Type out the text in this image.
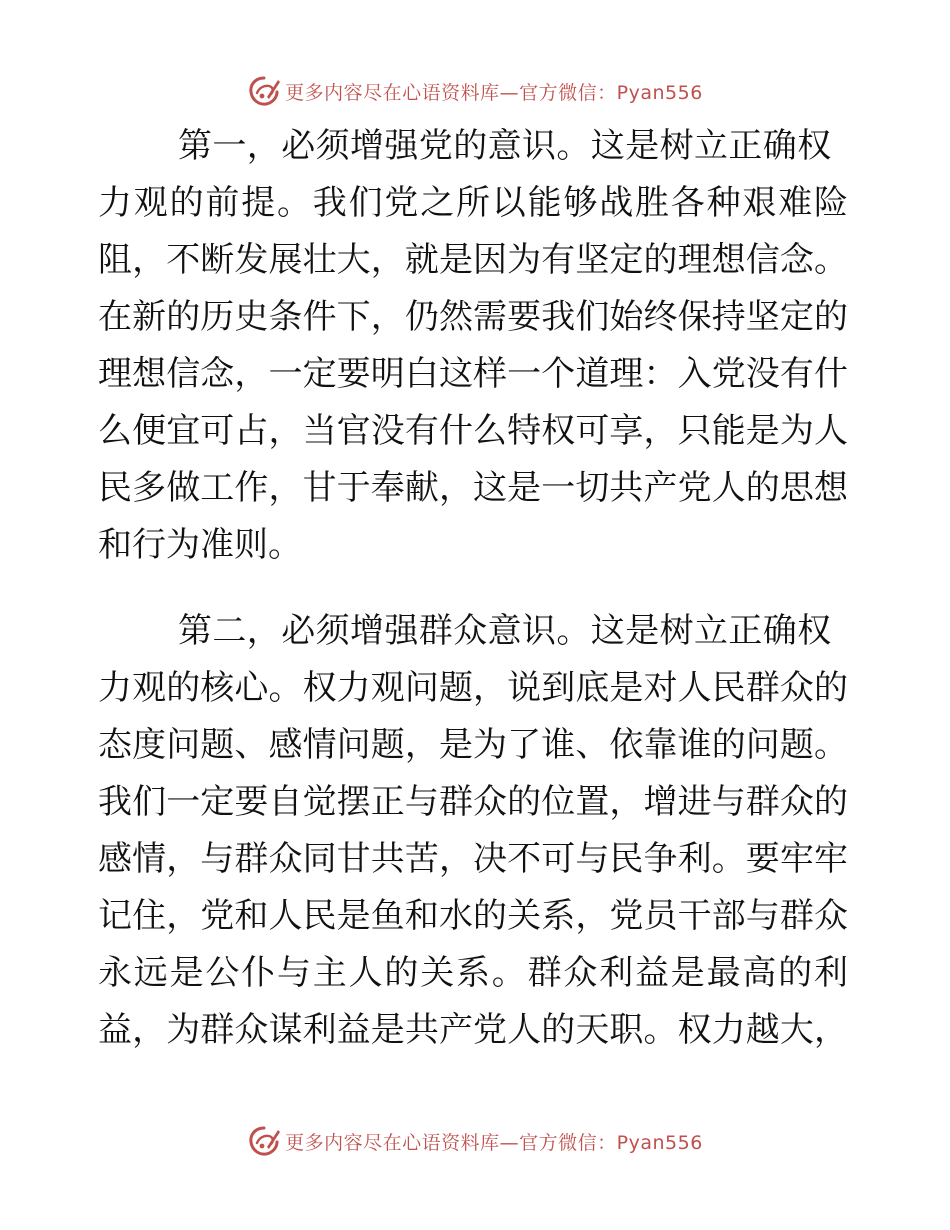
更多内容尽在心语资料库—官方微信：Pyan556
第一，必须增强党的意识。这是树立正确权
力观的前提。我们党之所以能够战胜各种艰难险
阻，不断发展壮大，就是因为有坚定的理想信念。
在新的历史条件下，仍然需要我们始终保持坚定的
理想信念，一定要明白这样一个道理：入党没有什
么便宜可占，当官没有什么特权可享，只能是为人
民多做工作，甘于奉献，这是一切共产党人的思想
和行为准则。
第二，必须增强群众意识。这是树立正确权
力观的核心。权力观问题，说到底是对人民群众的
态度问题、感情问题，是为了谁、依靠谁的问题。
我们一定要自觉摆正与群众的位置，增进与群众的
感情，与群众同甘共苦，决不可与民争利。要牢牢
记住，党和人民是鱼和水的关系，党员干部与群众
永远是公仆与主人的关系。群众利益是最高的利
益，为群众谋利益是共产党人的天职。权力越大，
更多内容尽在心语资料库—官方微信：Pyan556
